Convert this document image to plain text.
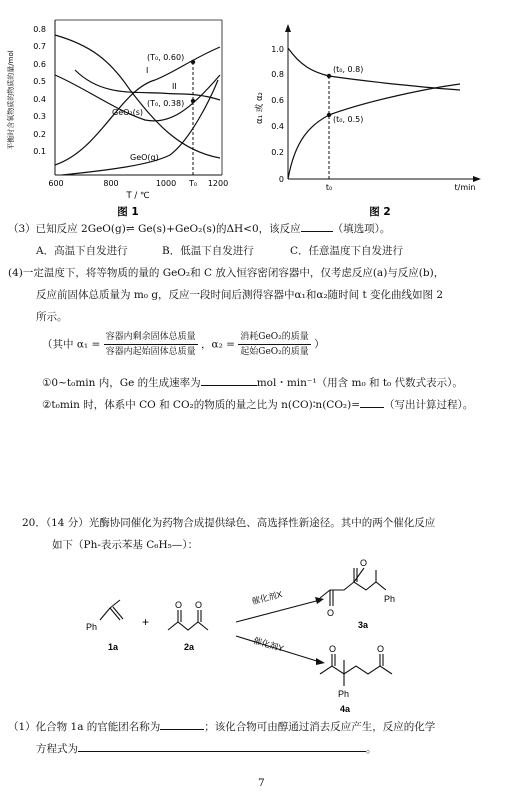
平衡时含氧物质的物质的量/mol
0.8
0.7
0.6
0.5
0.4
0.3
0.2
0.1
600	800	1000 T₀ 1200
T / ℃
(T₀, 0.60)
I
II
(T₀, 0.38)
GeO₂(s)
GeO(g)
图 1
α₁ 或 α₂
1.0
0.8
0.6
0.4
0.2
0
t₀	t/min
(t₀, 0.8)
(t₀, 0.5)
图 2
（3）已知反应 2GeO(g)⇌ Ge(s)+GeO₂(s)的ΔH<0，该反应	（填选项）。
A．高温下自发进行	B．低温下自发进行	C．任意温度下自发进行
(4)一定温度下，将等物质的量的 GeO₂和 C 放入恒容密闭容器中，仅考虑反应(a)与反应(b)，
反应前固体总质量为 m₀ g，反应一段时间后测得容器中α₁和α₂随时间 t 变化曲线如图 2
所示。
（其中 $\alpha_1 = \frac{\text{容器内剩余固体总质量}}{\text{容器内起始固体总质量}}$ ，$\alpha_2 = \frac{\text{消耗GeO₂的质量}}{\text{起始GeO₂的质量}}$ ）
①0~t₀min 内，Ge 的生成速率为	mol・min⁻¹（用含 m₀ 和 t₀ 代数式表示）。
②t₀min 时，体系中 CO 和 CO₂的物质的量之比为 n(CO)∶n(CO₂)= （写出计算过程）。
20．（14 分）光酶协同催化为药物合成提供绿色、高选择性新途径。其中的两个催化反应
如下（Ph-表示苯基 C₆H₅—）：
Ph
1a
+
O O
2a
催化剂X
催化剂Y
O
O
Ph
3a
O	O
Ph
4a
（1）化合物 1a 的官能团名称为	；该化合物可由醇通过消去反应产生，反应的化学
方程式为	。
7
